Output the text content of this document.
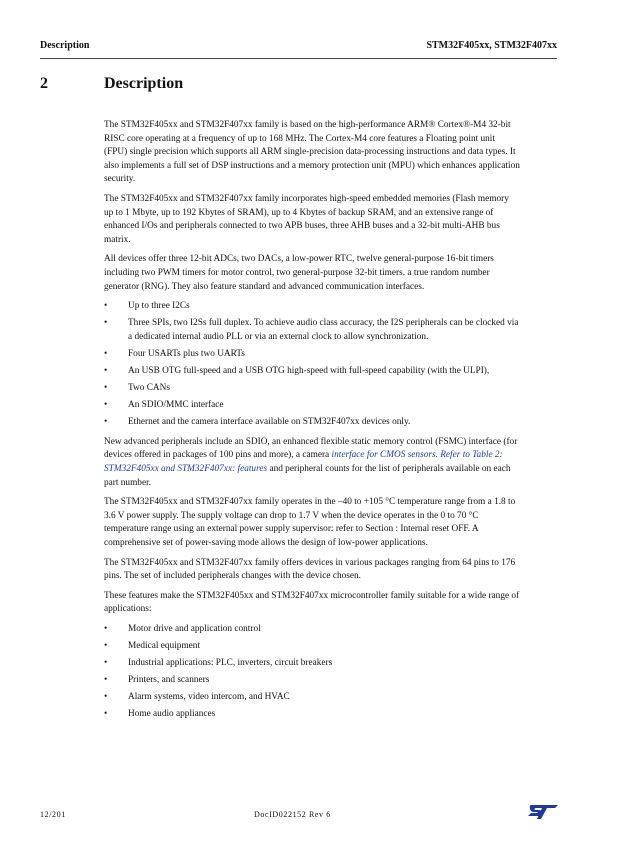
Description	STM32F405xx, STM32F407xx
2	Description

The STM32F405xx and STM32F407xx family is based on the high-performance ARM® Cortex®-M4 32-bit RISC core operating at a frequency of up to 168 MHz. The Cortex-M4 core features a Floating point unit (FPU) single precision which supports all ARM single-precision data-processing instructions and data types. It also implements a full set of DSP instructions and a memory protection unit (MPU) which enhances application security.

The STM32F405xx and STM32F407xx family incorporates high-speed embedded memories (Flash memory up to 1 Mbyte, up to 192 Kbytes of SRAM), up to 4 Kbytes of backup SRAM, and an extensive range of enhanced I/Os and peripherals connected to two APB buses, three AHB buses and a 32-bit multi-AHB bus matrix.

All devices offer three 12-bit ADCs, two DACs, a low-power RTC, twelve general-purpose 16-bit timers including two PWM timers for motor control, two general-purpose 32-bit timers. a true random number generator (RNG). They also feature standard and advanced communication interfaces.

• Up to three I2Cs
• Three SPIs, two I2Ss full duplex. To achieve audio class accuracy, the I2S peripherals can be clocked via a dedicated internal audio PLL or via an external clock to allow synchronization.
• Four USARTs plus two UARTs
• An USB OTG full-speed and a USB OTG high-speed with full-speed capability (with the ULPI),
• Two CANs
• An SDIO/MMC interface
• Ethernet and the camera interface available on STM32F407xx devices only.

New advanced peripherals include an SDIO, an enhanced flexible static memory control (FSMC) interface (for devices offered in packages of 100 pins and more), a camera interface for CMOS sensors. Refer to Table 2: STM32F405xx and STM32F407xx: features and peripheral counts for the list of peripherals available on each part number.

The STM32F405xx and STM32F407xx family operates in the –40 to +105 °C temperature range from a 1.8 to 3.6 V power supply. The supply voltage can drop to 1.7 V when the device operates in the 0 to 70 °C temperature range using an external power supply supervisor: refer to Section : Internal reset OFF. A comprehensive set of power-saving mode allows the design of low-power applications.

The STM32F405xx and STM32F407xx family offers devices in various packages ranging from 64 pins to 176 pins. The set of included peripherals changes with the device chosen.

These features make the STM32F405xx and STM32F407xx microcontroller family suitable for a wide range of applications:

• Motor drive and application control
• Medical equipment
• Industrial applications: PLC, inverters, circuit breakers
• Printers, and scanners
• Alarm systems, video intercom, and HVAC
• Home audio appliances
12/201	DocID022152 Rev 6
